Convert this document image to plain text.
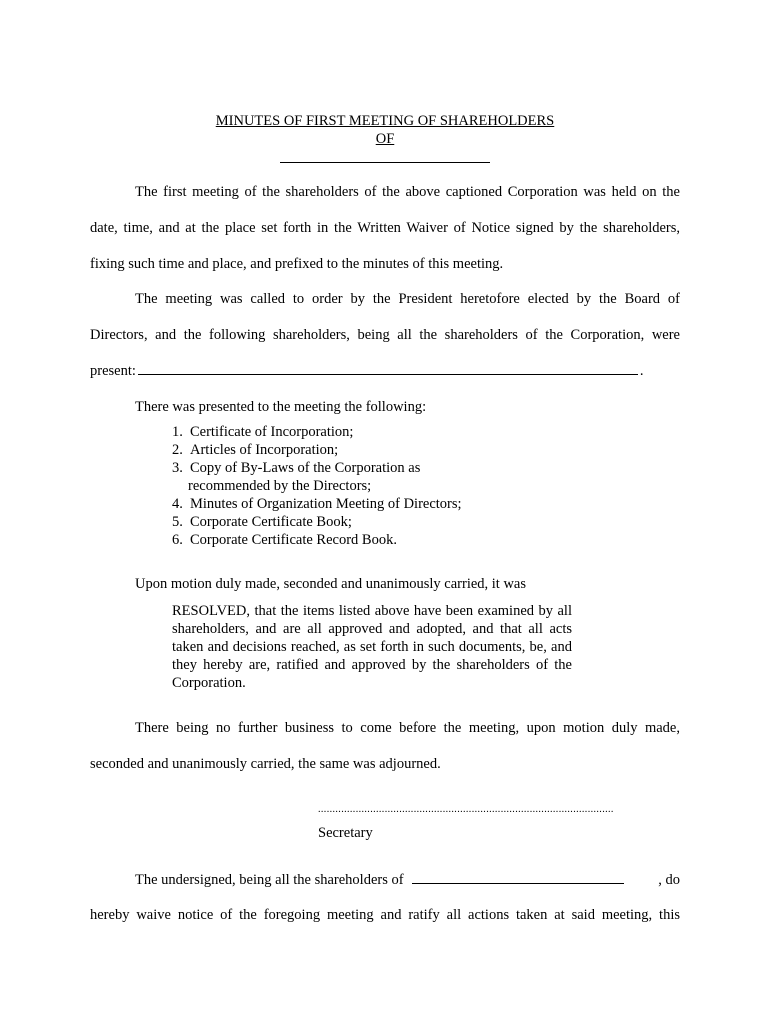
MINUTES OF FIRST MEETING OF SHAREHOLDERS
OF
The first meeting of the shareholders of the above captioned Corporation was held on the
date, time, and at the place set forth in the Written Waiver of Notice signed by the shareholders,
fixing such time and place, and prefixed to the minutes of this meeting.
The meeting was called to order by the President heretofore elected by the Board of
Directors, and the following shareholders, being all the shareholders of the Corporation, were
present:	.
There was presented to the meeting the following:
1. Certificate of Incorporation;
2. Articles of Incorporation;
3. Copy of By-Laws of the Corporation as
recommended by the Directors;
4. Minutes of Organization Meeting of Directors;
5. Corporate Certificate Book;
6. Corporate Certificate Record Book.
Upon motion duly made, seconded and unanimously carried, it was
RESOLVED, that the items listed above have been examined by all shareholders, and are all approved and adopted, and that all acts taken and decisions reached, as set forth in such documents, be, and they hereby are, ratified and approved by the shareholders of the Corporation.
There being no further business to come before the meeting, upon motion duly made,
seconded and unanimously carried, the same was adjourned.
......................................................................................................
Secretary
The undersigned, being all the shareholders of	, do
hereby waive notice of the foregoing meeting and ratify all actions taken at said meeting, this
